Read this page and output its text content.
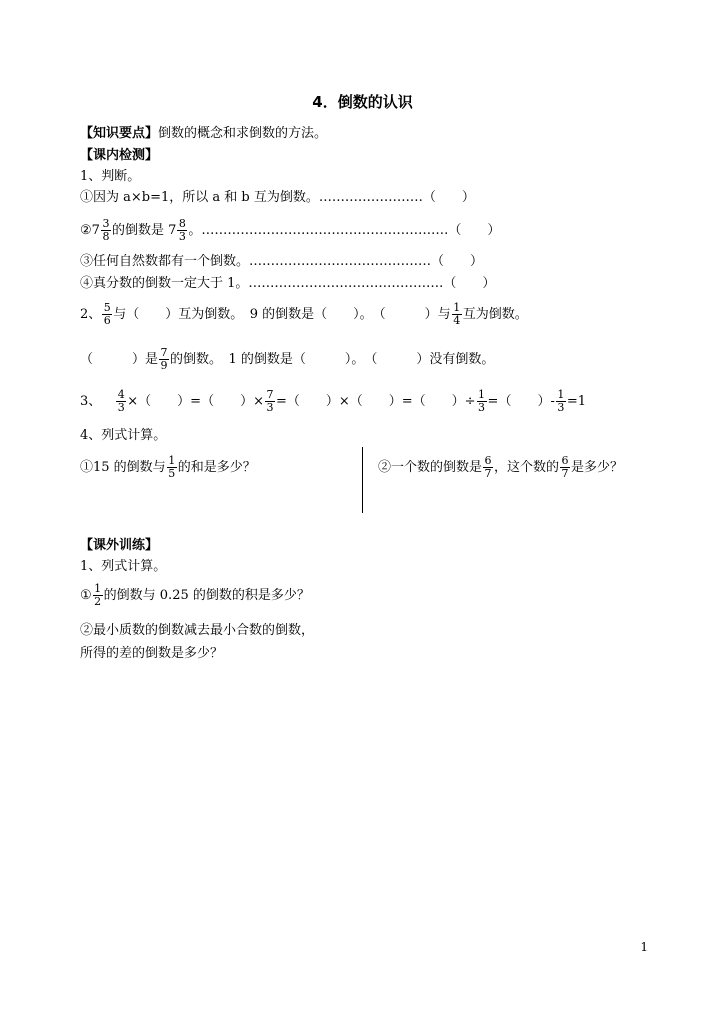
4．倒数的认识
【知识要点】倒数的概念和求倒数的方法。
【课内检测】
1、判断。
①因为 a×b=1，所以 a 和 b 互为倒数。……………………（　　）
②7 $\frac{3}{8}$ 的倒数是 $7 \frac{8}{3}$ 。…………………………………………………（　　）
③任何自然数都有一个倒数。……………………………………（　　）
④真分数的倒数一定大于 1。………………………………………（　　）
2、 $\frac{5}{6}$ 与（　　）互为倒数。　9 的倒数是（　　）。　（　　　）与 $\frac{1}{4}$ 互为倒数。
（　　　）是 $\frac{7}{9}$ 的倒数。　1 的倒数是（　　　）。　（　　　）没有倒数。
3、 $\frac{4}{3}$ ×（　　）=（　　）× $\frac{7}{3}$ =（　　）×（　　）=（　　）÷ $\frac{1}{3}$ =（　　）- $\frac{1}{3} =1$
4、列式计算。
①15 的倒数与 $\frac{1}{5}$ 的和是多少？	②一个数的倒数是 $\frac{6}{7}$ ，这个数的 $\frac{6}{7}$ 是多少？
【课外训练】
1、列式计算。
① $\frac{1}{2}$ 的倒数与 0.25 的倒数的积是多少？
②最小质数的倒数减去最小合数的倒数，
所得的差的倒数是多少？
1
